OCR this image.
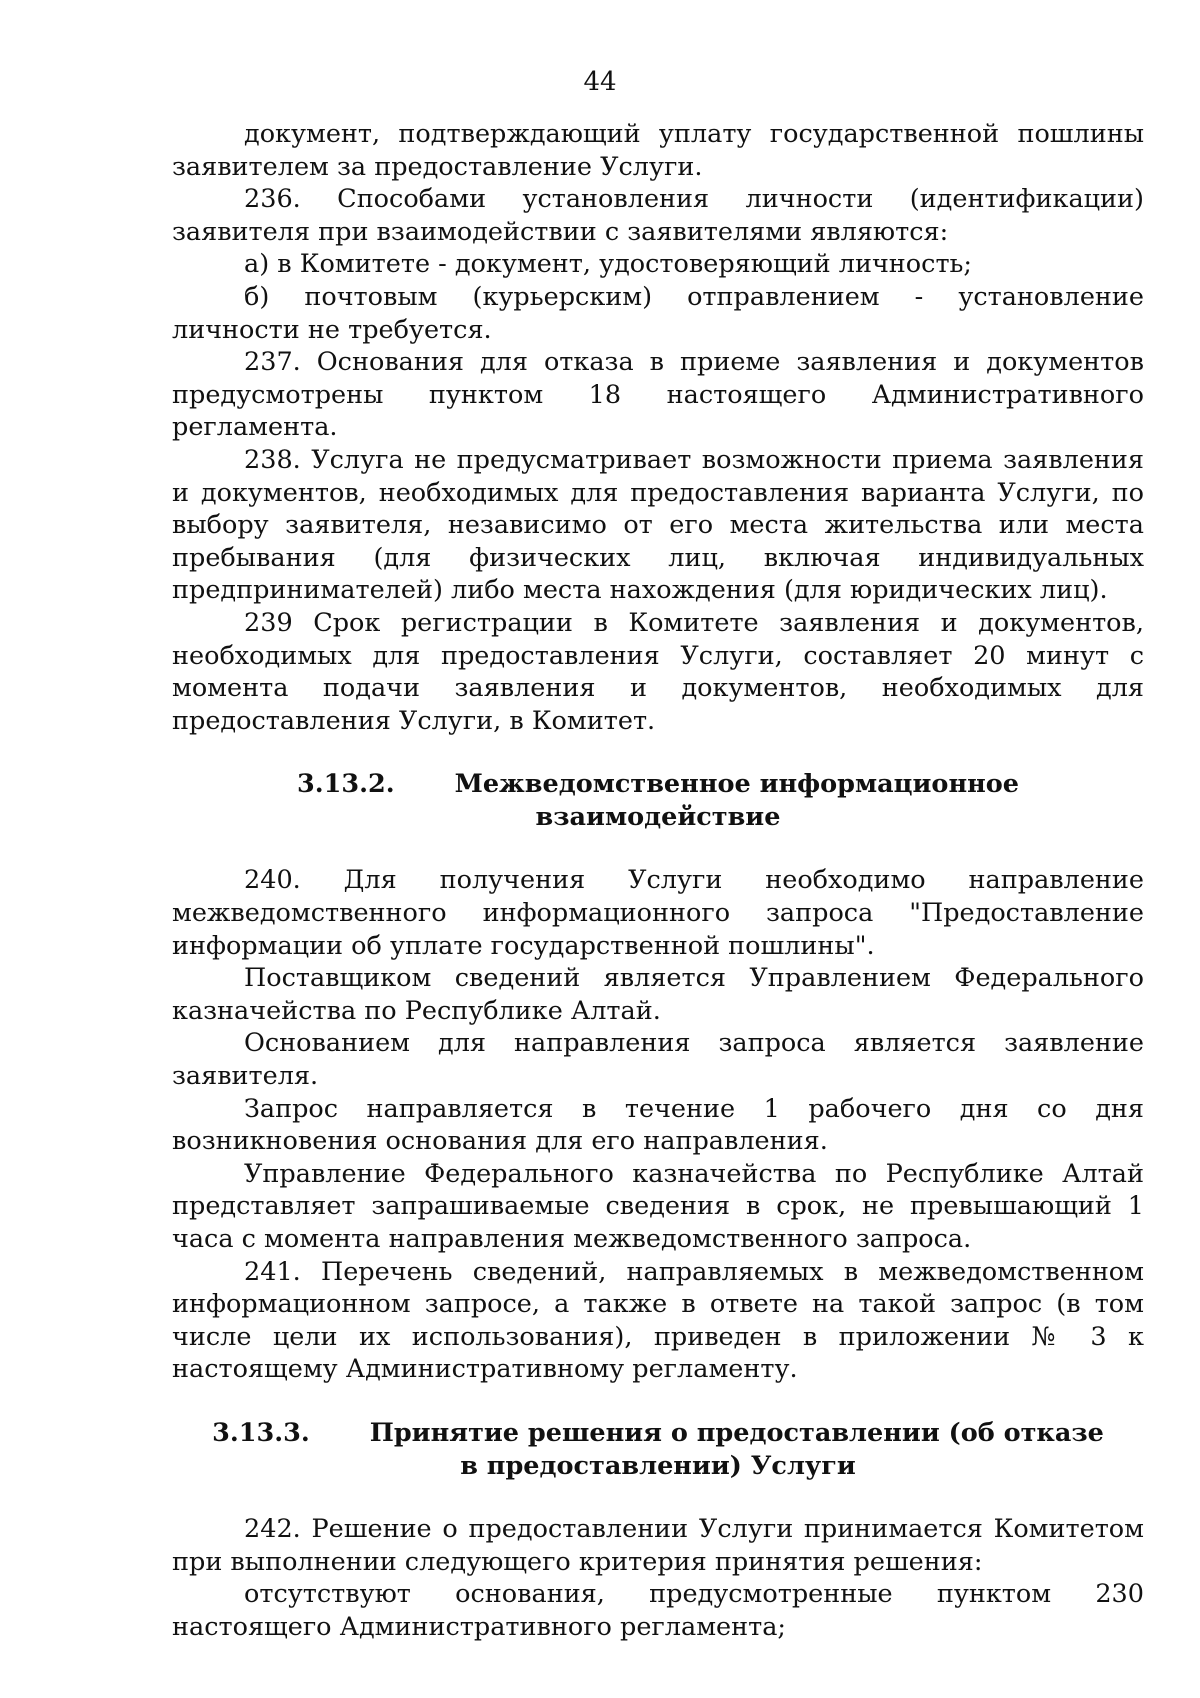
44

документ, подтверждающий уплату государственной пошлины заявителем за предоставление Услуги.

236. Способами установления личности (идентификации) заявителя при взаимодействии с заявителями являются:

а) в Комитете - документ, удостоверяющий личность;

б) почтовым (курьерским) отправлением - установление личности не требуется.

237. Основания для отказа в приеме заявления и документов предусмотрены пунктом 18 настоящего Административного регламента.

238. Услуга не предусматривает возможности приема заявления и документов, необходимых для предоставления варианта Услуги, по выбору заявителя, независимо от его места жительства или места пребывания (для физических лиц, включая индивидуальных предпринимателей) либо места нахождения (для юридических лиц).

239 Срок регистрации в Комитете заявления и документов, необходимых для предоставления Услуги, составляет 20 минут с момента подачи заявления и документов, необходимых для предоставления Услуги, в Комитет.

3.13.2. Межведомственное информационное взаимодействие

240. Для получения Услуги необходимо направление межведомственного информационного запроса "Предоставление информации об уплате государственной пошлины".

Поставщиком сведений является Управлением Федерального казначейства по Республике Алтай.

Основанием для направления запроса является заявление заявителя.

Запрос направляется в течение 1 рабочего дня со дня возникновения основания для его направления.

Управление Федерального казначейства по Республике Алтай представляет запрашиваемые сведения в срок, не превышающий 1 часа с момента направления межведомственного запроса.

241. Перечень сведений, направляемых в межведомственном информационном запросе, а также в ответе на такой запрос (в том числе цели их использования), приведен в приложении № 3 к настоящему Административному регламенту.

3.13.3. Принятие решения о предоставлении (об отказе

в предоставлении) Услуги

242. Решение о предоставлении Услуги принимается Комитетом при выполнении следующего критерия принятия решения:

отсутствуют основания, предусмотренные пунктом 230 настоящего Административного регламента;
